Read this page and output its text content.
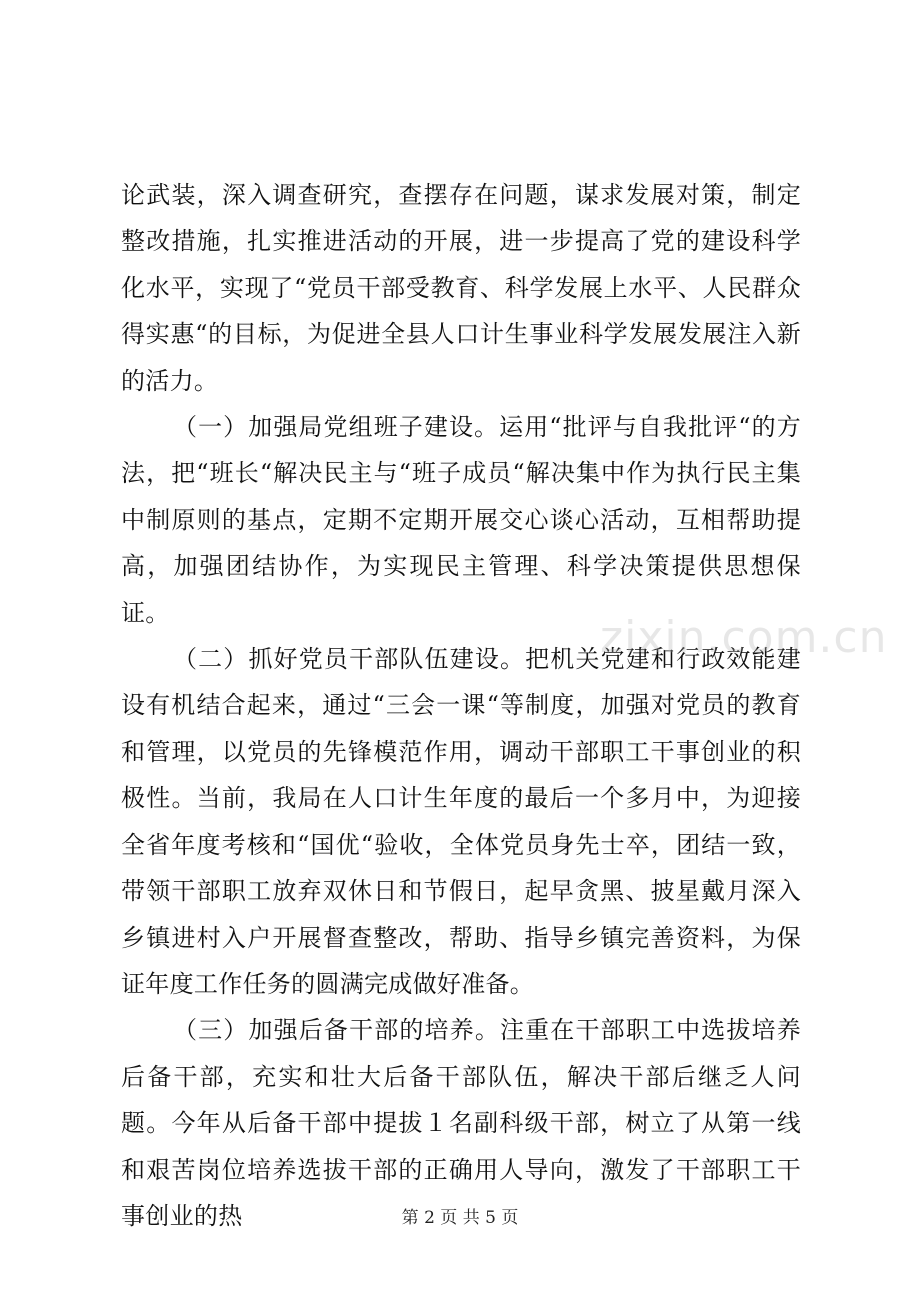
论武装，深入调查研究，查摆存在问题，谋求发展对策，制定整改措施，扎实推进活动的开展，进一步提高了党的建设科学化水平，实现了“党员干部受教育、科学发展上水平、人民群众得实惠“的目标，为促进全县人口计生事业科学发展发展注入新的活力。

（一）加强局党组班子建设。运用“批评与自我批评“的方法，把“班长“解决民主与“班子成员“解决集中作为执行民主集中制原则的基点，定期不定期开展交心谈心活动，互相帮助提高，加强团结协作，为实现民主管理、科学决策提供思想保证。

（二）抓好党员干部队伍建设。把机关党建和行政效能建设有机结合起来，通过“三会一课“等制度，加强对党员的教育和管理，以党员的先锋模范作用，调动干部职工干事创业的积极性。当前，我局在人口计生年度的最后一个多月中，为迎接全省年度考核和“国优“验收，全体党员身先士卒，团结一致，带领干部职工放弃双休日和节假日，起早贪黑、披星戴月深入乡镇进村入户开展督查整改，帮助、指导乡镇完善资料，为保证年度工作任务的圆满完成做好准备。

（三）加强后备干部的培养。注重在干部职工中选拔培养后备干部，充实和壮大后备干部队伍，解决干部后继乏人问题。今年从后备干部中提拔１名副科级干部，树立了从第一线和艰苦岗位培养选拔干部的正确用人导向，激发了干部职工干事创业的热

zixin.com.cn
第 2 页 共 5 页
